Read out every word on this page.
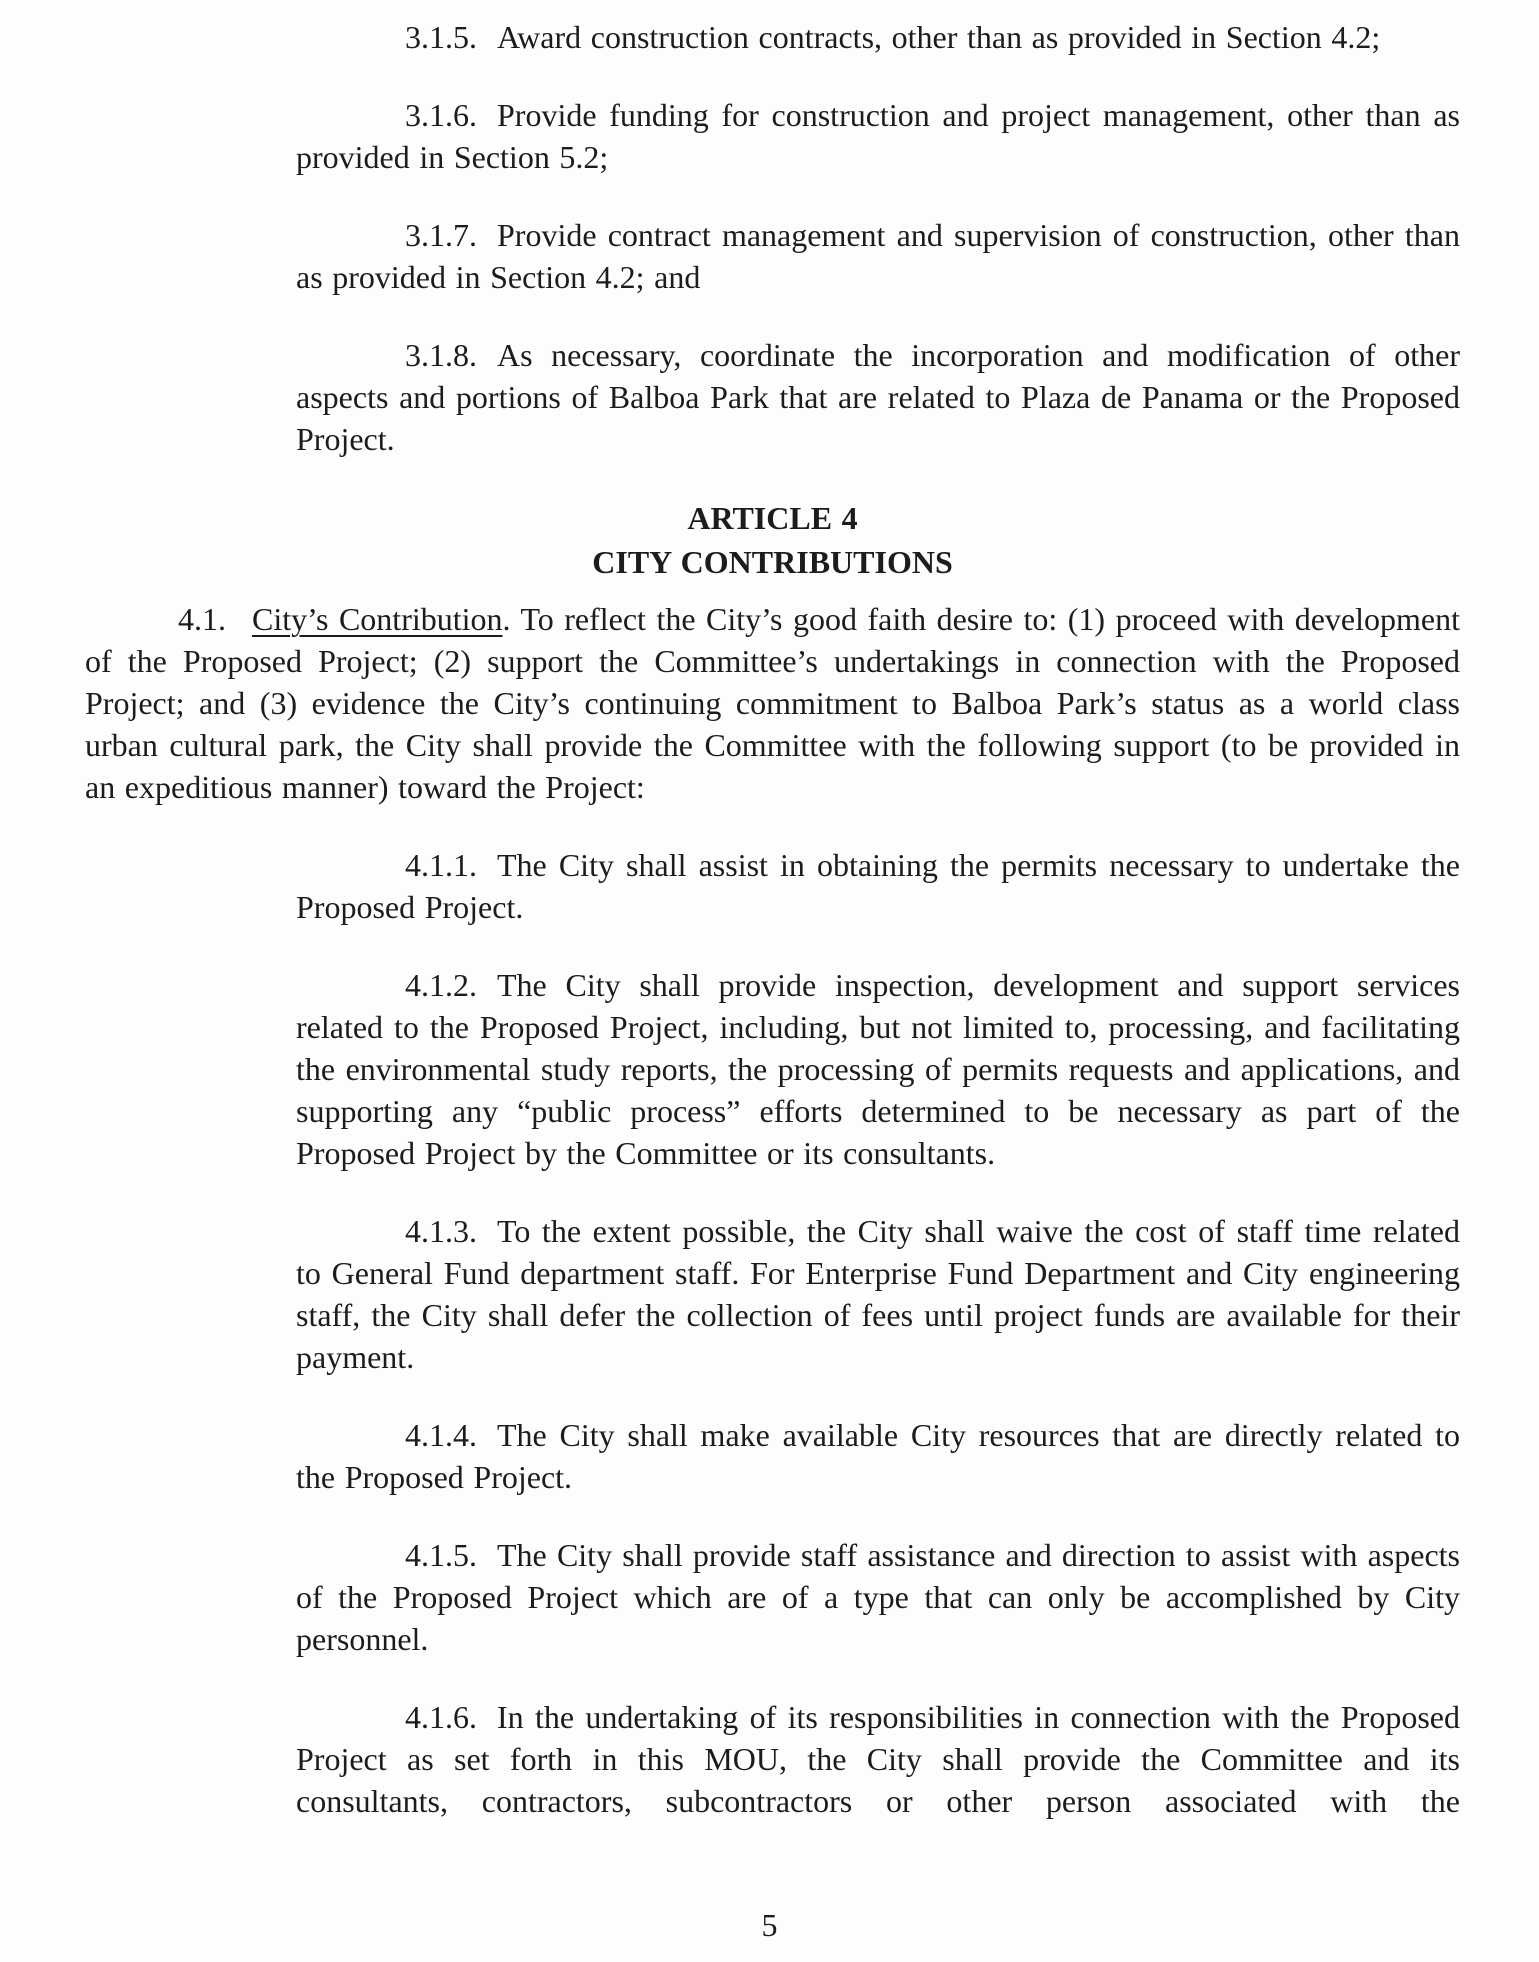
3.1.5. Award construction contracts, other than as provided in Section 4.2;

3.1.6. Provide funding for construction and project management, other than as provided in Section 5.2;

3.1.7. Provide contract management and supervision of construction, other than as provided in Section 4.2; and

3.1.8. As necessary, coordinate the incorporation and modification of other aspects and portions of Balboa Park that are related to Plaza de Panama or the Proposed Project.

ARTICLE 4
CITY CONTRIBUTIONS

4.1. City’s Contribution. To reflect the City’s good faith desire to: (1) proceed with development of the Proposed Project; (2) support the Committee’s undertakings in connection with the Proposed Project; and (3) evidence the City’s continuing commitment to Balboa Park’s status as a world class urban cultural park, the City shall provide the Committee with the following support (to be provided in an expeditious manner) toward the Project:

4.1.1. The City shall assist in obtaining the permits necessary to undertake the Proposed Project.

4.1.2. The City shall provide inspection, development and support services related to the Proposed Project, including, but not limited to, processing, and facilitating the environmental study reports, the processing of permits requests and applications, and supporting any “public process” efforts determined to be necessary as part of the Proposed Project by the Committee or its consultants.

4.1.3. To the extent possible, the City shall waive the cost of staff time related to General Fund department staff. For Enterprise Fund Department and City engineering staff, the City shall defer the collection of fees until project funds are available for their payment.

4.1.4. The City shall make available City resources that are directly related to the Proposed Project.

4.1.5. The City shall provide staff assistance and direction to assist with aspects of the Proposed Project which are of a type that can only be accomplished by City personnel.

4.1.6. In the undertaking of its responsibilities in connection with the Proposed Project as set forth in this MOU, the City shall provide the Committee and its consultants, contractors, subcontractors or other person associated with the

5
